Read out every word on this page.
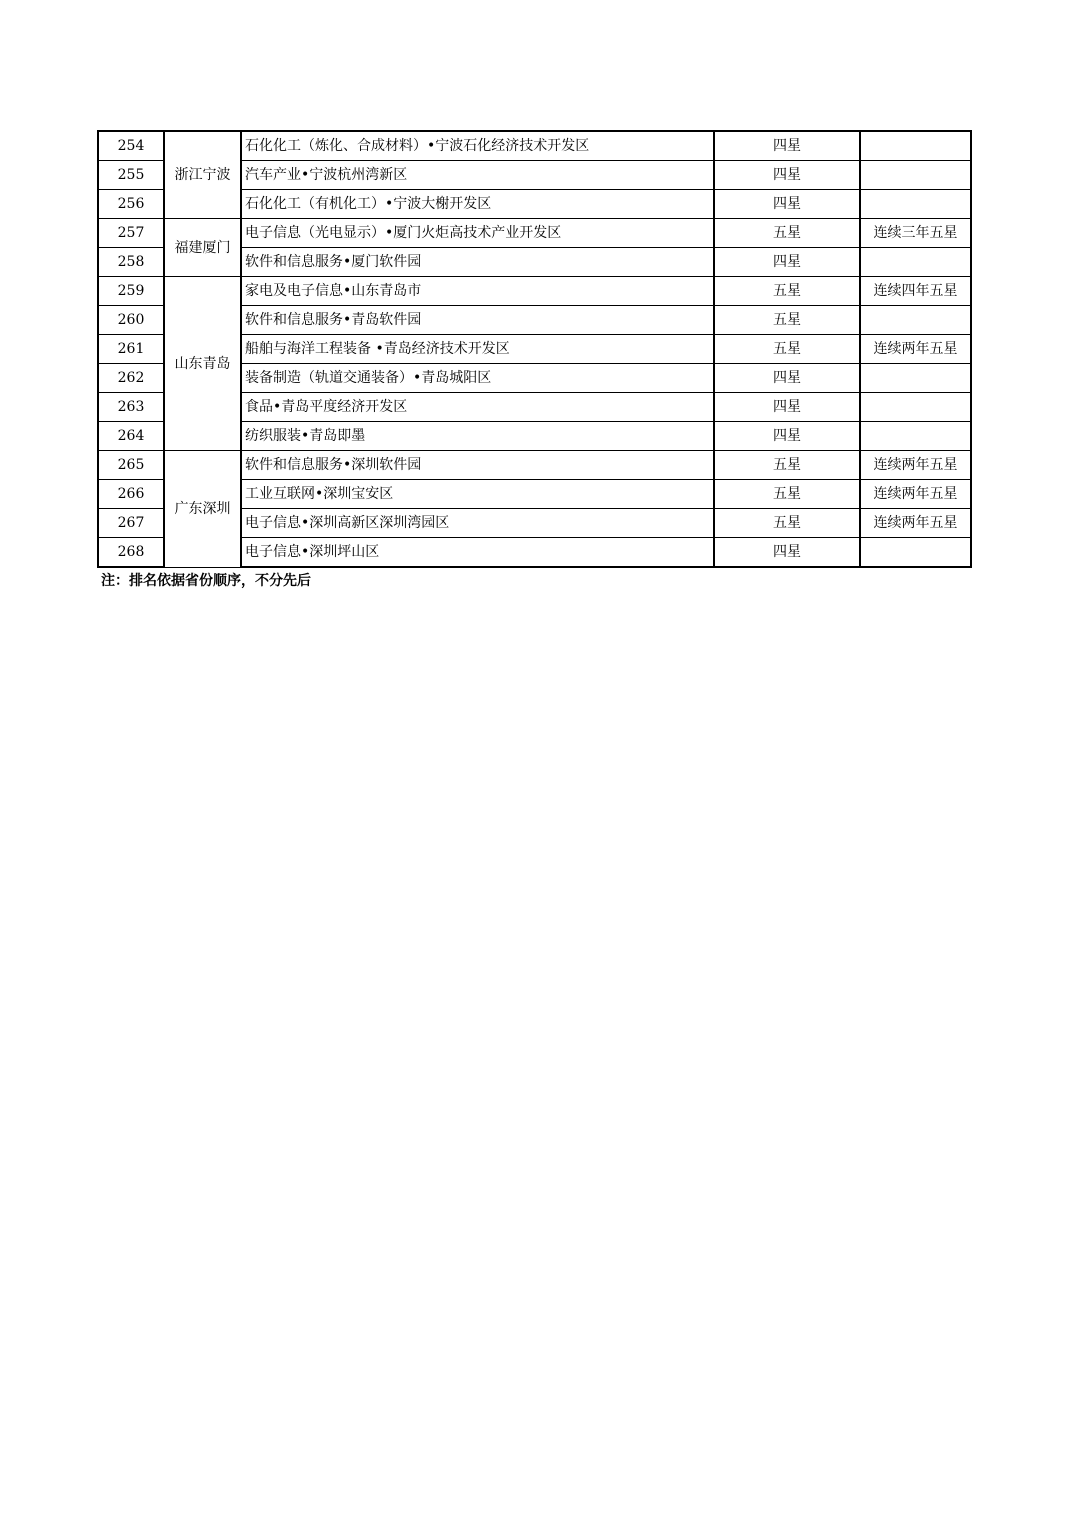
254	浙江宁波	石化化工（炼化、合成材料）•宁波石化经济技术开发区	四星	
255		汽车产业•宁波杭州湾新区	四星	
256		石化化工（有机化工）•宁波大榭开发区	四星	
257	福建厦门	电子信息（光电显示）•厦门火炬高技术产业开发区	五星	连续三年五星
258		软件和信息服务•厦门软件园	四星	
259	山东青岛	家电及电子信息•山东青岛市	五星	连续四年五星
260		软件和信息服务•青岛软件园	五星	
261		船舶与海洋工程装备 •青岛经济技术开发区	五星	连续两年五星
262		装备制造（轨道交通装备）•青岛城阳区	四星	
263		食品•青岛平度经济开发区	四星	
264		纺织服装•青岛即墨	四星	
265	广东深圳	软件和信息服务•深圳软件园	五星	连续两年五星
266		工业互联网•深圳宝安区	五星	连续两年五星
267		电子信息•深圳高新区深圳湾园区	五星	连续两年五星
268		电子信息•深圳坪山区	四星	
注：排名依据省份顺序，不分先后
